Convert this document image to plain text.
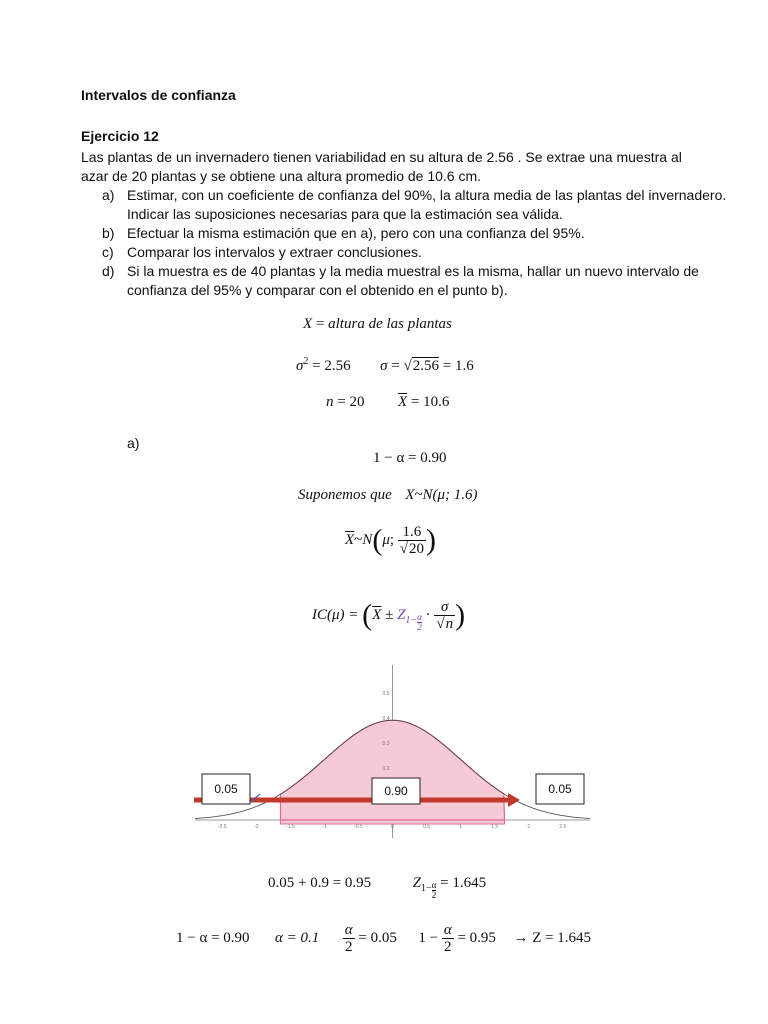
Intervalos de confianza
Ejercicio 12
Las plantas de un invernadero tienen variabilidad en su altura de 2.56 . Se extrae una muestra al
azar de 20 plantas y se obtiene una altura promedio de 10.6 cm.
a) Estimar, con un coeficiente de confianza del 90%, la altura media de las plantas del invernadero.
Indicar las suposiciones necesarias para que la estimación sea válida.
b) Efectuar la misma estimación que en a), pero con una confianza del 95%.
c) Comparar los intervalos y extraer conclusiones.
d) Si la muestra es de 40 plantas y la media muestral es la misma, hallar un nuevo intervalo de
confianza del 95% y comparar con el obtenido en el punto b).
X = altura de las plantas
$\sigma^2 = 2.56$ σ = √2.56 = 1.6
n = 20 $\overline{X} = 10.6$
a)
1 − α = 0.90
Suponemos que X~N(μ; 1.6)
$\overline{X}\sim N(\mu$; $\frac{1.6}{√20}$ )
$IC(\mu) = (\overline{X} \pm Z_{1- \frac{\alpha}{2}} \cdot \frac{\sigma}{√n}$ )
-2.5	-2	-1.5	-1	-0.5	0	0.5	1	1.5	2	2.5
0.5
0.4
0.3
0.2
0.05	0.90	0.05
0.05 + 0.9 = 0.95	$Z_{1- \frac{\alpha}{2}} = 1.645$
1 − α = 0.90 $\alpha = 0.1 \frac{\alpha}{2} = 0.05$  $1 - \frac{\alpha}{2} = 0.95 \to Z = 1.645$
